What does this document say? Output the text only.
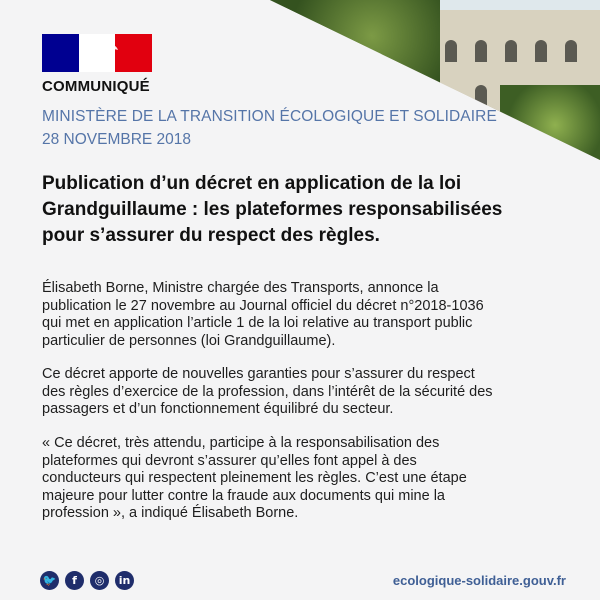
COMMUNIQUÉ
MINISTÈRE DE LA TRANSITION ÉCOLOGIQUE ET SOLIDAIRE
28 NOVEMBRE 2018
Publication d’un décret en application de la loi
Grandguillaume : les plateformes responsabilisées
pour s’assurer du respect des règles.
Élisabeth Borne, Ministre chargée des Transports, annonce la
publication le 27 novembre au Journal officiel du décret n°2018-1036
qui met en application l’article 1 de la loi relative au transport public
particulier de personnes (loi Grandguillaume).
Ce décret apporte de nouvelles garanties pour s’assurer du respect
des règles d’exercice de la profession, dans l’intérêt de la sécurité des
passagers et d’un fonctionnement équilibré du secteur.
« Ce décret, très attendu, participe à la responsabilisation des
plateformes qui devront s’assurer qu’elles font appel à des
conducteurs qui respectent pleinement les règles. C’est une étape
majeure pour lutter contre la fraude aux documents qui mine la
profession », a indiqué Élisabeth Borne.
🐦	f	◎	in	ecologique-solidaire.gouv.fr
